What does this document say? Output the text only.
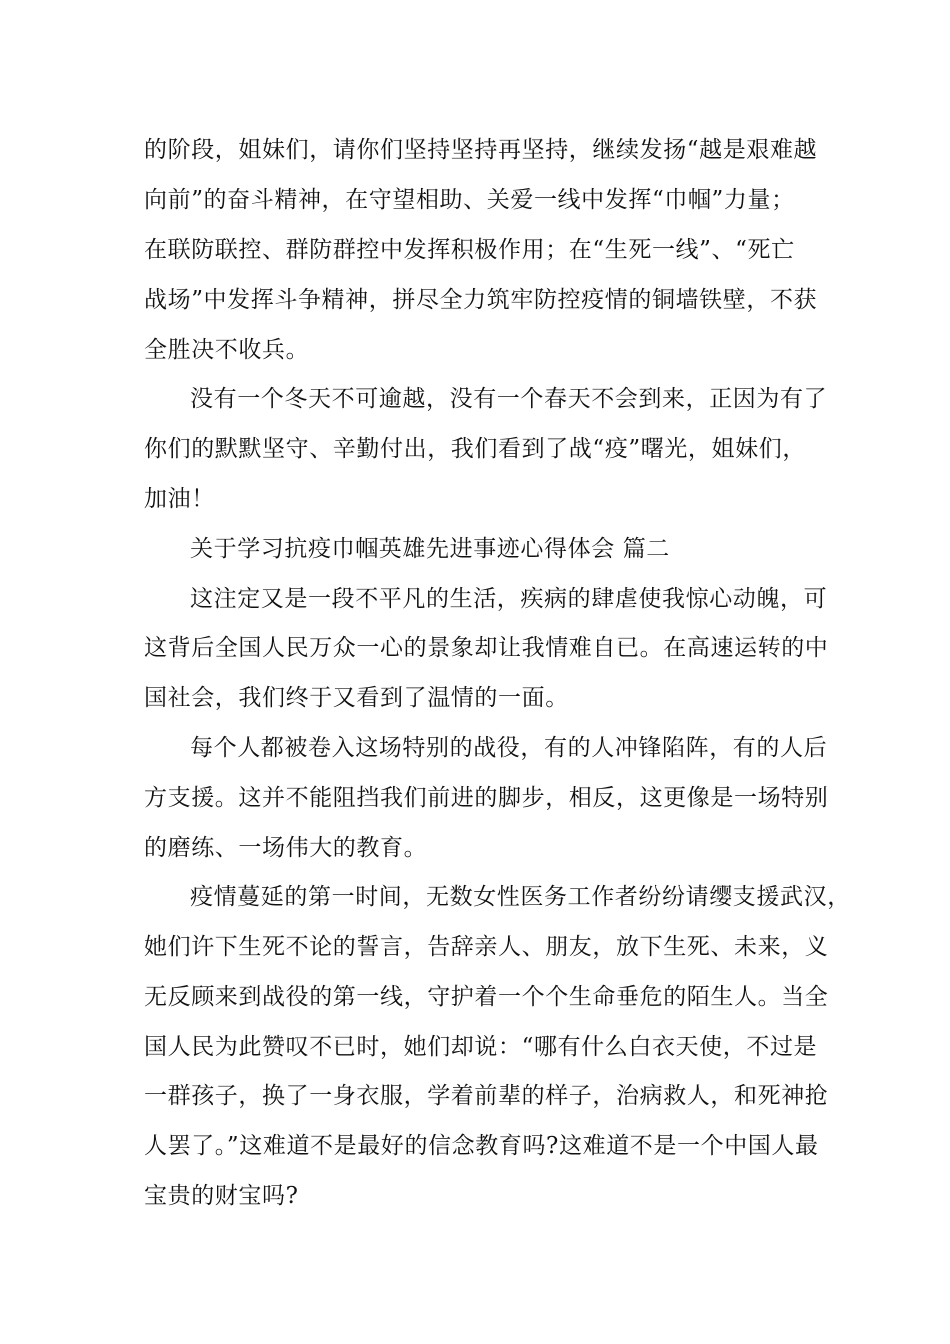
的阶段，姐妹们，请你们坚持坚持再坚持，继续发扬“越是艰难越
向前”的奋斗精神，在守望相助、关爱一线中发挥“巾帼”力量；
在联防联控、群防群控中发挥积极作用；在“生死一线”、“死亡
战场”中发挥斗争精神，拼尽全力筑牢防控疫情的铜墙铁壁，不获
全胜决不收兵。
没有一个冬天不可逾越，没有一个春天不会到来，正因为有了
你们的默默坚守、辛勤付出，我们看到了战“疫”曙光，姐妹们，
加油！
关于学习抗疫巾帼英雄先进事迹心得体会 篇二
这注定又是一段不平凡的生活，疾病的肆虐使我惊心动魄，可
这背后全国人民万众一心的景象却让我情难自已。在高速运转的中
国社会，我们终于又看到了温情的一面。
每个人都被卷入这场特别的战役，有的人冲锋陷阵，有的人后
方支援。这并不能阻挡我们前进的脚步，相反，这更像是一场特别
的磨练、一场伟大的教育。
疫情蔓延的第一时间，无数女性医务工作者纷纷请缨支援武汉，
她们许下生死不论的誓言，告辞亲人、朋友，放下生死、未来，义
无反顾来到战役的第一线，守护着一个个生命垂危的陌生人。当全
国人民为此赞叹不已时，她们却说：“哪有什么白衣天使，不过是
一群孩子，换了一身衣服，学着前辈的样子，治病救人，和死神抢
人罢了。”这难道不是最好的信念教育吗?这难道不是一个中国人最
宝贵的财宝吗?
